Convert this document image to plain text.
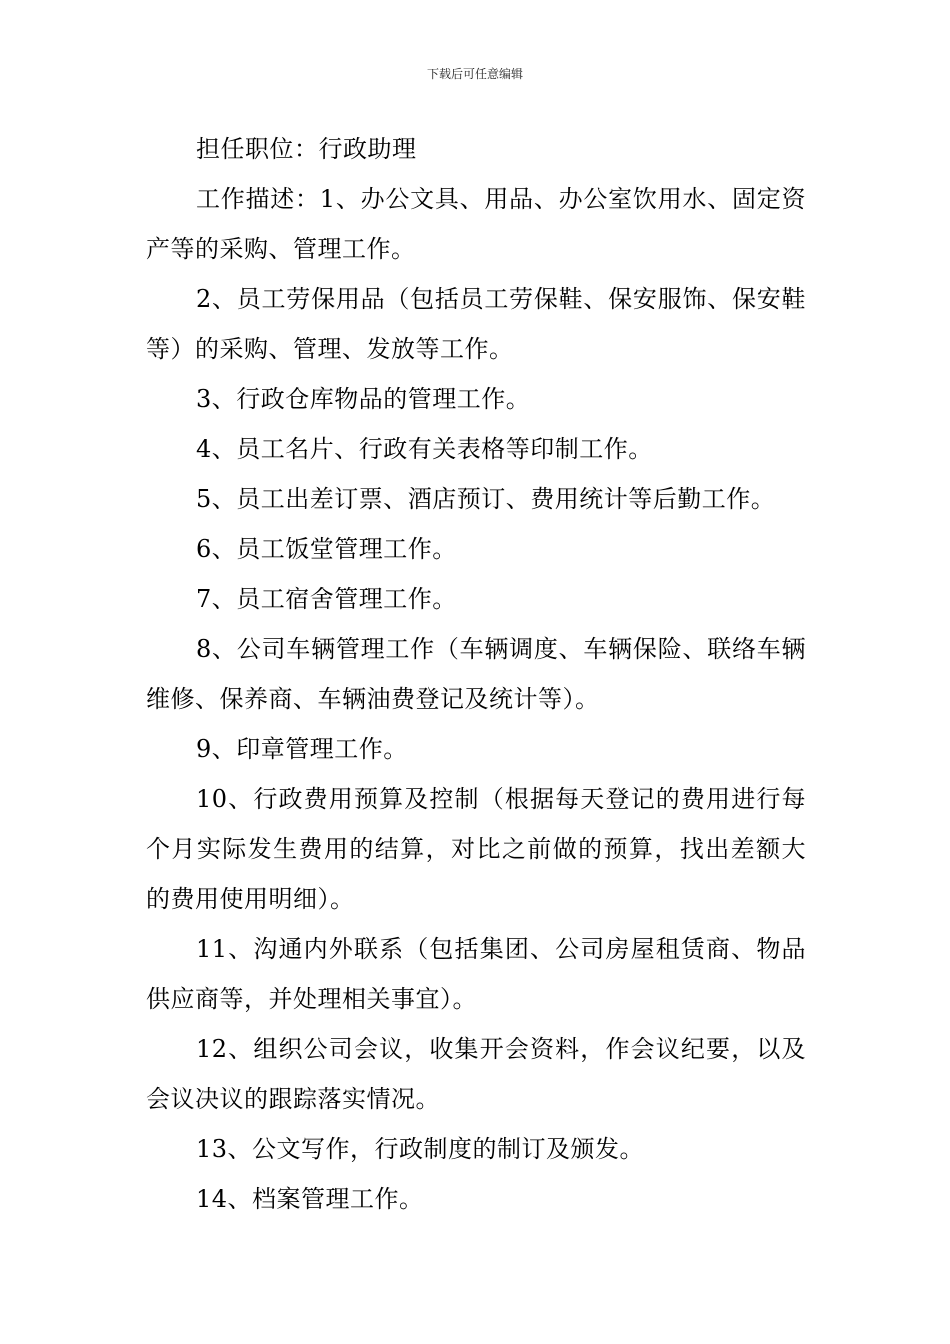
下载后可任意编辑

担任职位：行政助理

工作描述：1、办公文具、用品、办公室饮用水、固定资产等的采购、管理工作。

2、员工劳保用品（包括员工劳保鞋、保安服饰、保安鞋等）的采购、管理、发放等工作。

3、行政仓库物品的管理工作。

4、员工名片、行政有关表格等印制工作。

5、员工出差订票、酒店预订、费用统计等后勤工作。

6、员工饭堂管理工作。

7、员工宿舍管理工作。

8、公司车辆管理工作（车辆调度、车辆保险、联络车辆维修、保养商、车辆油费登记及统计等）。

9、印章管理工作。

10、行政费用预算及控制（根据每天登记的费用进行每个月实际发生费用的结算，对比之前做的预算，找出差额大的费用使用明细）。

11、沟通内外联系（包括集团、公司房屋租赁商、物品供应商等，并处理相关事宜）。

12、组织公司会议，收集开会资料，作会议纪要，以及会议决议的跟踪落实情况。

13、公文写作，行政制度的制订及颁发。

14、档案管理工作。
